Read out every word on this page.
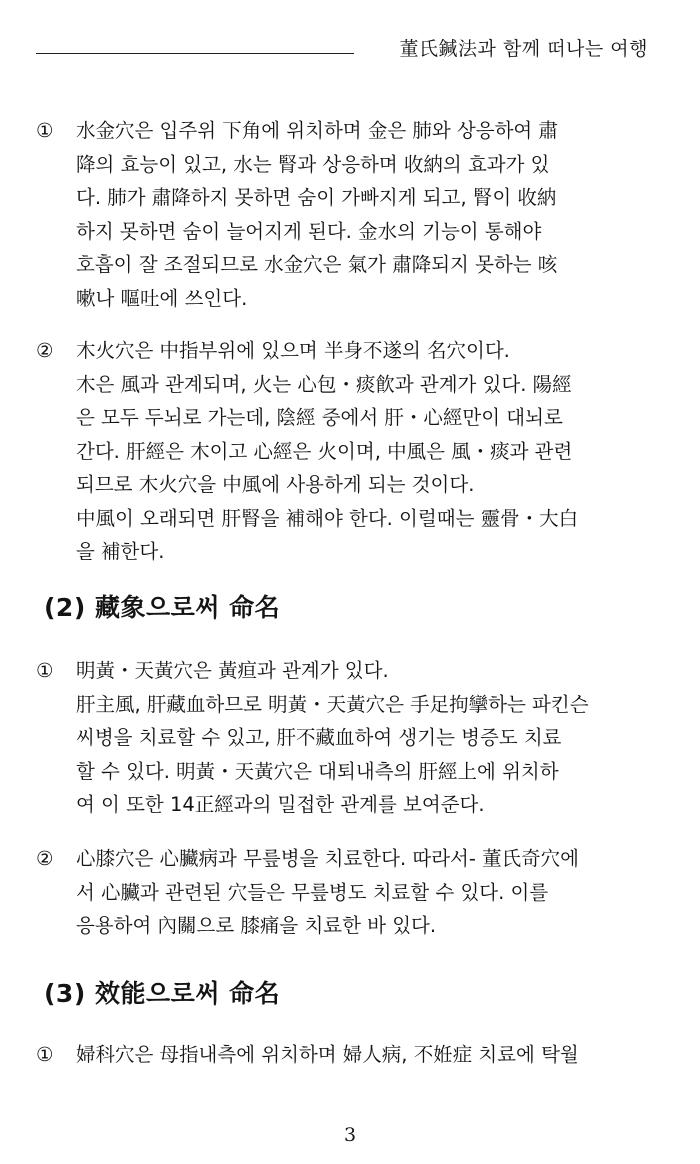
董氏鍼法과 함께 떠나는 여행
① 水金穴은 입주위 下角에 위치하며 金은 肺와 상응하여 肅
降의 효능이 있고, 水는 腎과 상응하며 收納의 효과가 있
다. 肺가 肅降하지 못하면 숨이 가빠지게 되고, 腎이 收納
하지 못하면 숨이 늘어지게 된다. 金水의 기능이 통해야
호흡이 잘 조절되므로 水金穴은 氣가 肅降되지 못하는 咳
嗽나 嘔吐에 쓰인다.
② 木火穴은 中指부위에 있으며 半身不遂의 名穴이다.
木은 風과 관계되며, 火는 心包・痰飮과 관계가 있다. 陽經
은 모두 두뇌로 가는데, 陰經 중에서 肝・心經만이 대뇌로
간다. 肝經은 木이고 心經은 火이며, 中風은 風・痰과 관련
되므로 木火穴을 中風에 사용하게 되는 것이다.
中風이 오래되면 肝腎을 補해야 한다. 이럴때는 靈骨・大白
을 補한다.
(2) 藏象으로써 命名
① 明黃・天黃穴은 黃疸과 관계가 있다.
肝主風, 肝藏血하므로 明黃・天黃穴은 手足拘攣하는 파킨슨
씨병을 치료할 수 있고, 肝不藏血하여 생기는 병증도 치료
할 수 있다. 明黃・天黃穴은 대퇴내측의 肝經上에 위치하
여 이 또한 14正經과의 밀접한 관계를 보여준다.
② 心膝穴은 心臟病과 무릎병을 치료한다. 따라서- 董氏奇穴에
서 心臟과 관련된 穴들은 무릎병도 치료할 수 있다. 이를
응용하여 內關으로 膝痛을 치료한 바 있다.
(3) 效能으로써 命名
① 婦科穴은 母指내측에 위치하며 婦人病, 不姙症 치료에 탁월
3
